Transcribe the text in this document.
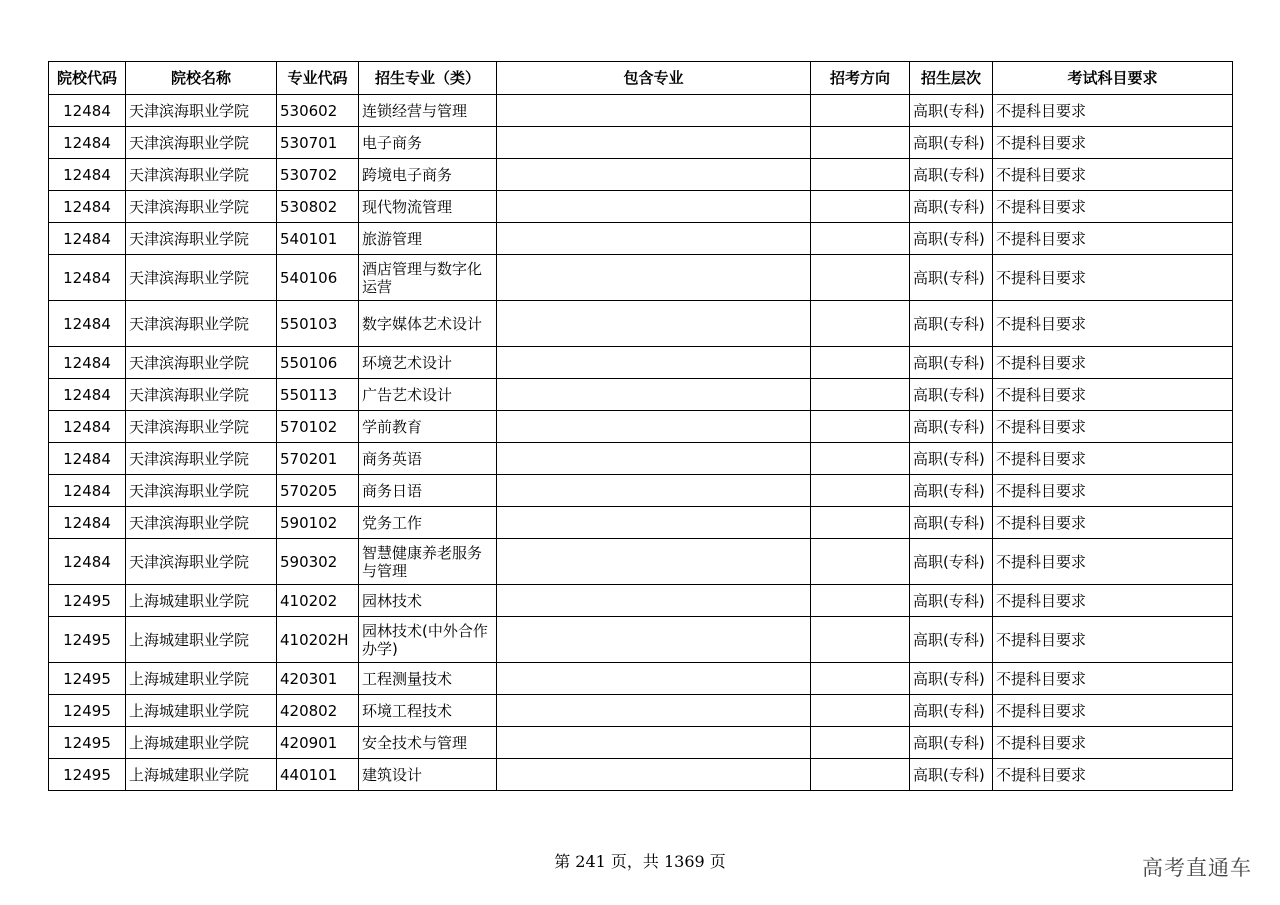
院校代码	院校名称	专业代码	招生专业（类）	包含专业	招考方向	招生层次	考试科目要求
12484	天津滨海职业学院	530602	连锁经营与管理			高职(专科)	不提科目要求
12484	天津滨海职业学院	530701	电子商务			高职(专科)	不提科目要求
12484	天津滨海职业学院	530702	跨境电子商务			高职(专科)	不提科目要求
12484	天津滨海职业学院	530802	现代物流管理			高职(专科)	不提科目要求
12484	天津滨海职业学院	540101	旅游管理			高职(专科)	不提科目要求
12484	天津滨海职业学院	540106	酒店管理与数字化运营			高职(专科)	不提科目要求
12484	天津滨海职业学院	550103	数字媒体艺术设计			高职(专科)	不提科目要求
12484	天津滨海职业学院	550106	环境艺术设计			高职(专科)	不提科目要求
12484	天津滨海职业学院	550113	广告艺术设计			高职(专科)	不提科目要求
12484	天津滨海职业学院	570102	学前教育			高职(专科)	不提科目要求
12484	天津滨海职业学院	570201	商务英语			高职(专科)	不提科目要求
12484	天津滨海职业学院	570205	商务日语			高职(专科)	不提科目要求
12484	天津滨海职业学院	590102	党务工作			高职(专科)	不提科目要求
12484	天津滨海职业学院	590302	智慧健康养老服务与管理			高职(专科)	不提科目要求
12495	上海城建职业学院	410202	园林技术			高职(专科)	不提科目要求
12495	上海城建职业学院	410202H	园林技术(中外合作办学)			高职(专科)	不提科目要求
12495	上海城建职业学院	420301	工程测量技术			高职(专科)	不提科目要求
12495	上海城建职业学院	420802	环境工程技术			高职(专科)	不提科目要求
12495	上海城建职业学院	420901	安全技术与管理			高职(专科)	不提科目要求
12495	上海城建职业学院	440101	建筑设计			高职(专科)	不提科目要求
第 241 页，共 1369 页	高考直通车
